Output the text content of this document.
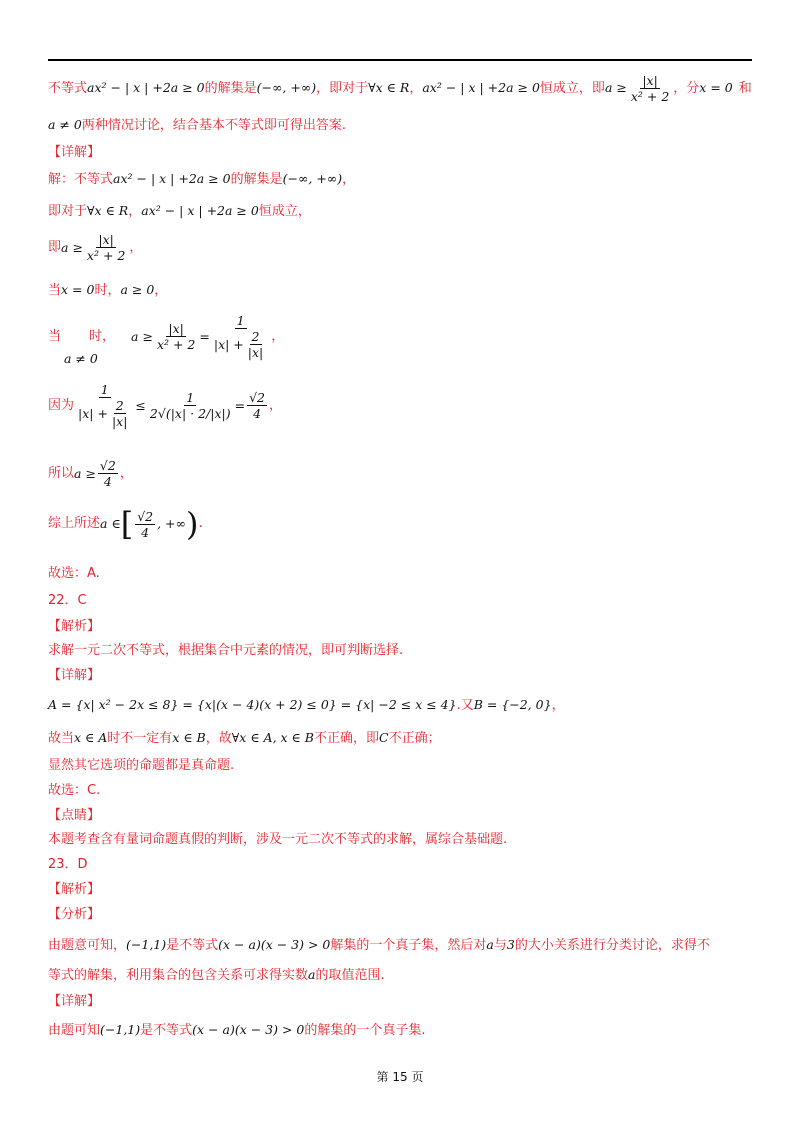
不等式ax² − | x | +2a ≥ 0的解集是(−∞, +∞)，即对于∀x ∈ R，ax² − | x | +2a ≥ 0恒成立，即$a \ge \frac{|x|}{\text{x² + 2}}$ ，分x = 0 和
a ≠ 0两种情况讨论，结合基本不等式即可得出答案.
【详解】
解：不等式ax² − | x | +2a ≥ 0的解集是(−∞, +∞)，
即对于∀x ∈ R，ax² − | x | +2a ≥ 0恒成立，
即 $a \ge \frac{|x|}{\text{x² + 2}}$ ，
当x = 0时，a ≥ 0，
当 时， $a \ge \frac{|x|}{\text{x² + 2}} = \frac{1}{|x| + \frac{2}{|x|}}$ ，
a ≠ 0
因为 $\frac{1}{|x| + \frac{2}{|x|}} \le \frac{1}{2√(|x| \cdot 2/|x|)} = \frac{√2}{4}$ ，
所以 $a \ge \frac{√2}{4}$ ，
综上所述 a ∈ [ $\frac{√2}{4}$ , +∞ ) .
故选：A.
22．C
【解析】
求解一元二次不等式，根据集合中元素的情况，即可判断选择.
【详解】
A = {x| x² − 2x ≤ 8} = {x|(x − 4)(x + 2) ≤ 0} = {x| −2 ≤ x ≤ 4}.又B = {−2, 0}，
故当x ∈ A时不一定有x ∈ B，故∀x ∈ A, x ∈ B不正确，即C不正确；
显然其它选项的命题都是真命题.
故选：C.
【点睛】
本题考查含有量词命题真假的判断，涉及一元二次不等式的求解，属综合基础题.
23．D
【解析】
【分析】
由题意可知，(−1,1)是不等式(x − a)(x − 3) > 0解集的一个真子集，然后对a与3的大小关系进行分类讨论，求得不
等式的解集，利用集合的包含关系可求得实数a的取值范围.
【详解】
由题可知(−1,1)是不等式(x − a)(x − 3) > 0的解集的一个真子集.
第 15 页
